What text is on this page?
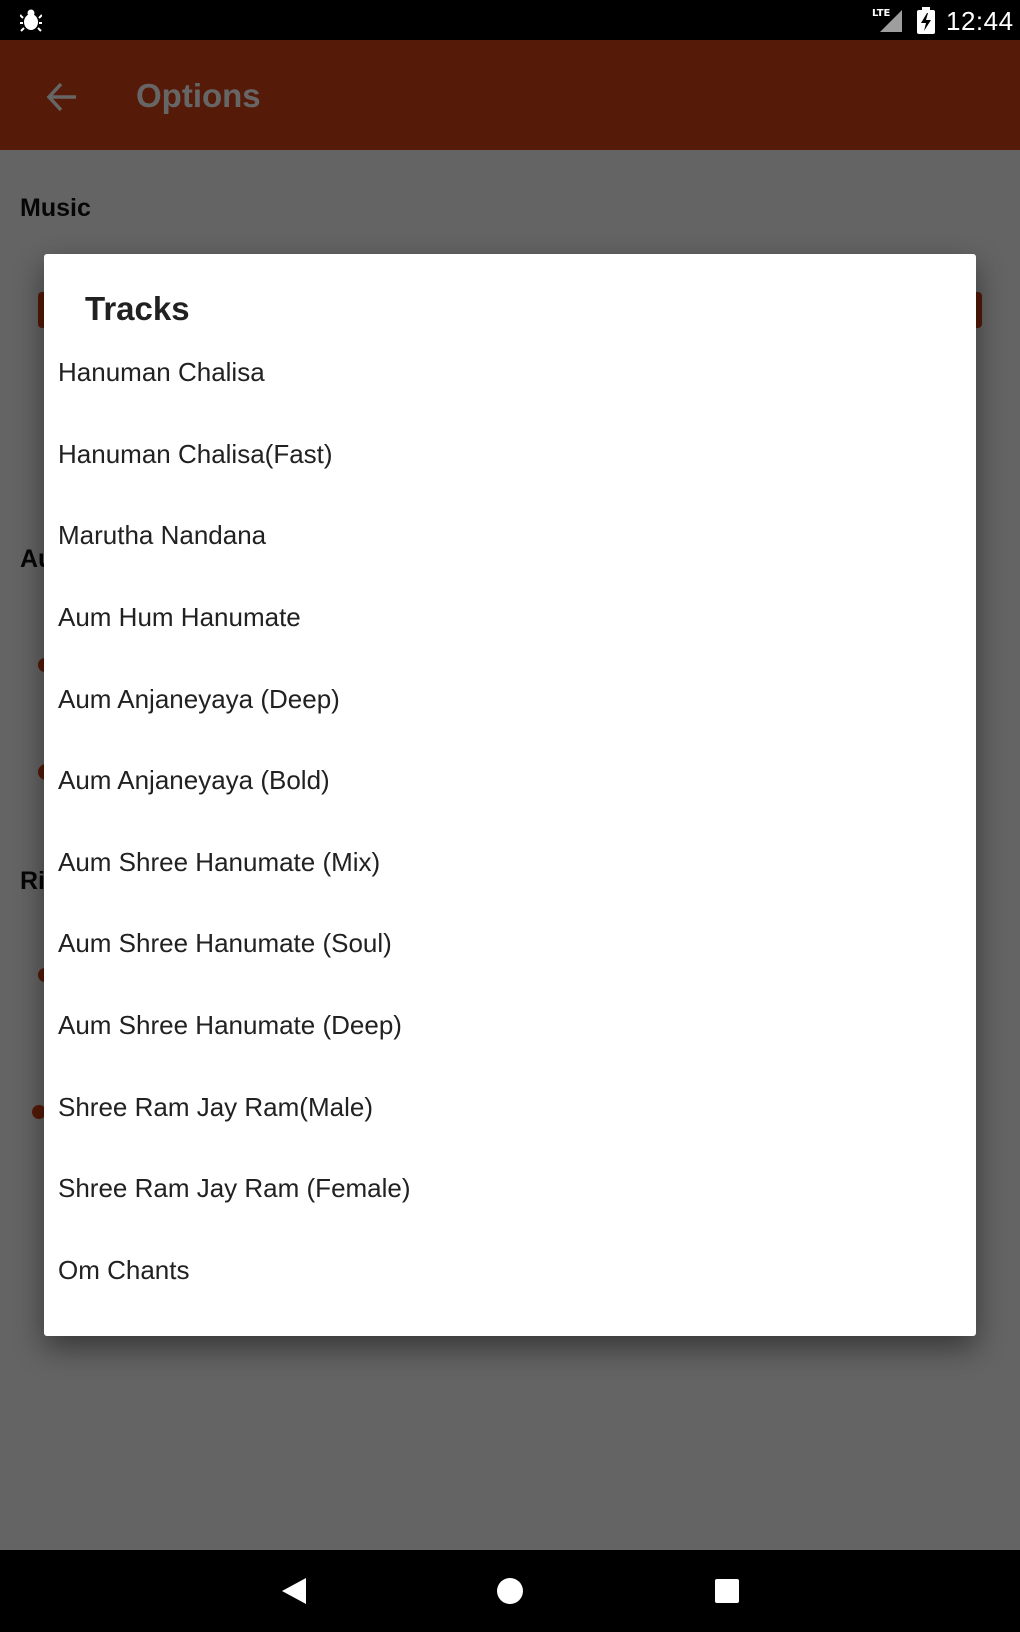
LTE 12:44
Tracks
Hanuman Chalisa
Hanuman Chalisa(Fast)
Marutha Nandana
Aum Hum Hanumate
Aum Anjaneyaya (Deep)
Aum Anjaneyaya (Bold)
Aum Shree Hanumate (Mix)
Aum Shree Hanumate (Soul)
Aum Shree Hanumate (Deep)
Shree Ram Jay Ram(Male)
Shree Ram Jay Ram (Female)
Om Chants
